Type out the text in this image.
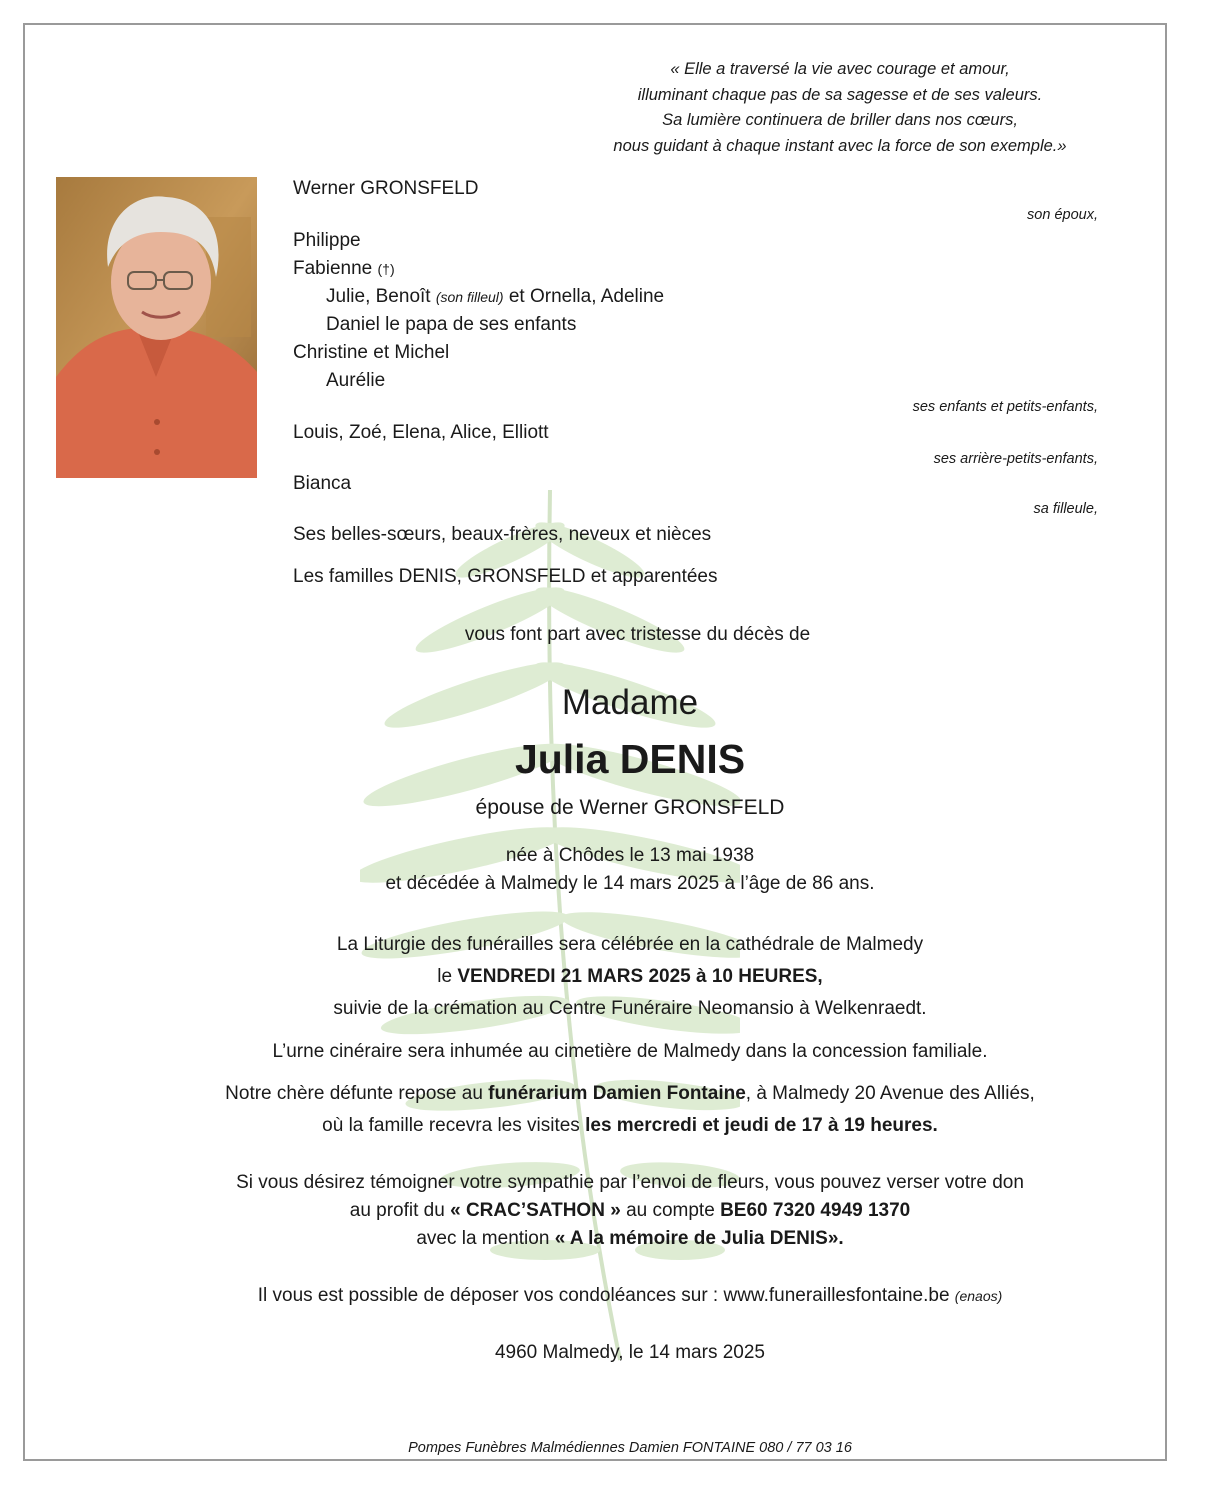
« Elle a traversé la vie avec courage et amour,
illuminant chaque pas de sa sagesse et de ses valeurs.
Sa lumière continuera de briller dans nos cœurs,
nous guidant à chaque instant avec la force de son exemple.»
Werner GRONSFELD
son époux,
Philippe
Fabienne (†)
Julie, Benoît (son filleul) et Ornella, Adeline
Daniel le papa de ses enfants
Christine et Michel
Aurélie
ses enfants et petits-enfants,
Louis, Zoé, Elena, Alice, Elliott
ses arrière-petits-enfants,
Bianca
sa filleule,
Ses belles-sœurs, beaux-frères, neveux et nièces
Les familles DENIS, GRONSFELD et apparentées
vous font part avec tristesse du décès de
Madame
Julia DENIS
épouse de Werner GRONSFELD
née à Chôdes le 13 mai 1938
et décédée à Malmedy le 14 mars 2025 à l’âge de 86 ans.
La Liturgie des funérailles sera célébrée en la cathédrale de Malmedy
le VENDREDI 21 MARS 2025 à 10 HEURES,
suivie de la crémation au Centre Funéraire Neomansio à Welkenraedt.
L’urne cinéraire sera inhumée au cimetière de Malmedy dans la concession familiale.
Notre chère défunte repose au funérarium Damien Fontaine, à Malmedy 20 Avenue des Alliés,
où la famille recevra les visites les mercredi et jeudi de 17 à 19 heures.
Si vous désirez témoigner votre sympathie par l’envoi de fleurs, vous pouvez verser votre don
au profit du « CRAC’SATHON » au compte BE60 7320 4949 1370
avec la mention « A la mémoire de Julia DENIS».
Il vous est possible de déposer vos condoléances sur : www.funeraillesfontaine.be (enaos)
4960 Malmedy, le 14 mars 2025
Pompes Funèbres Malmédiennes Damien FONTAINE 080 / 77 03 16
